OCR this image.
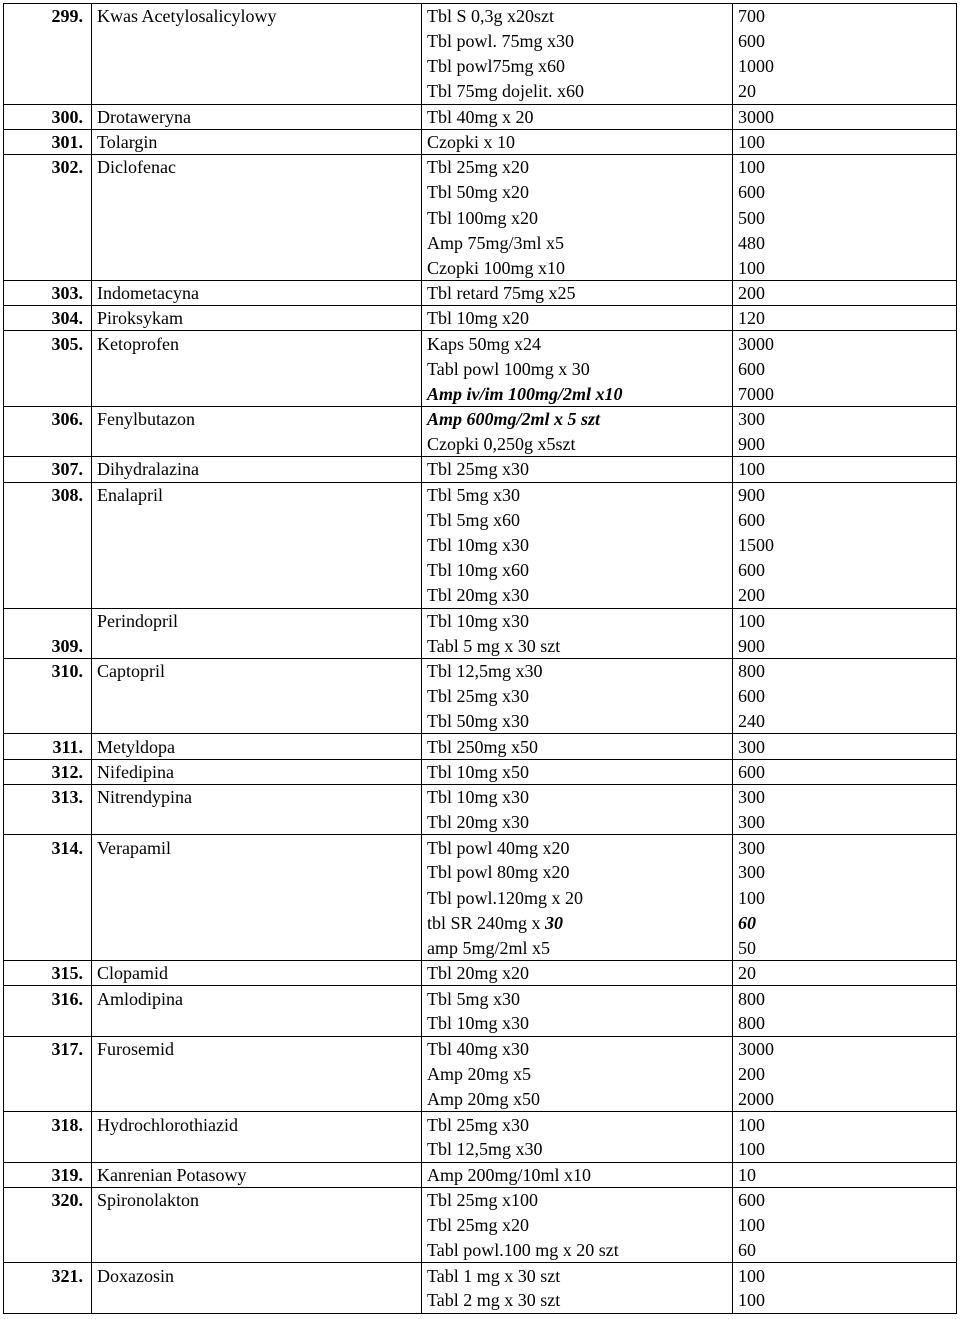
299.	Kwas Acetylosalicylowy	Tbl S 0,3g x20szt	700
		Tbl powl. 75mg x30	600
		Tbl powl75mg x60	1000
		Tbl 75mg dojelit. x60	20
300.	Drotaweryna	Tbl 40mg x 20	3000
301.	Tolargin	Czopki x 10	100
302.	Diclofenac	Tbl 25mg x20	100
		Tbl 50mg x20	600
		Tbl 100mg x20	500
		Amp 75mg/3ml x5	480
		Czopki 100mg x10	100
303.	Indometacyna	Tbl retard 75mg x25	200
304.	Piroksykam	Tbl 10mg x20	120
305.	Ketoprofen	Kaps 50mg x24	3000
		Tabl powl 100mg x 30	600
		Amp iv/im 100mg/2ml x10	7000
306.	Fenylbutazon	Amp 600mg/2ml x 5 szt	300
		Czopki 0,250g x5szt	900
307.	Dihydralazina	Tbl 25mg x30	100
308.	Enalapril	Tbl 5mg x30	900
		Tbl 5mg x60	600
		Tbl 10mg x30	1500
		Tbl 10mg x60	600
		Tbl 20mg x30	200
	Perindopril	Tbl 10mg x30	100
309.		Tabl 5 mg x 30 szt	900
310.	Captopril	Tbl 12,5mg x30	800
		Tbl 25mg x30	600
		Tbl 50mg x30	240
311.	Metyldopa	Tbl 250mg x50	300
312.	Nifedipina	Tbl 10mg x50	600
313.	Nitrendypina	Tbl 10mg x30	300
		Tbl 20mg x30	300
314.	Verapamil	Tbl powl 40mg x20	300
		Tbl powl 80mg x20	300
		Tbl powl.120mg x 20	100
		tbl SR 240mg x 30	60
		amp 5mg/2ml x5	50
315.	Clopamid	Tbl 20mg x20	20
316.	Amlodipina	Tbl 5mg x30	800
		Tbl 10mg x30	800
317.	Furosemid	Tbl 40mg x30	3000
		Amp 20mg x5	200
		Amp 20mg x50	2000
318.	Hydrochlorothiazid	Tbl 25mg x30	100
		Tbl 12,5mg x30	100
319.	Kanrenian Potasowy	Amp 200mg/10ml x10	10
320.	Spironolakton	Tbl 25mg x100	600
		Tbl 25mg x20	100
		Tabl powl.100 mg x 20 szt	60
321.	Doxazosin	Tabl 1 mg x 30 szt	100
		Tabl 2 mg x 30 szt	100
